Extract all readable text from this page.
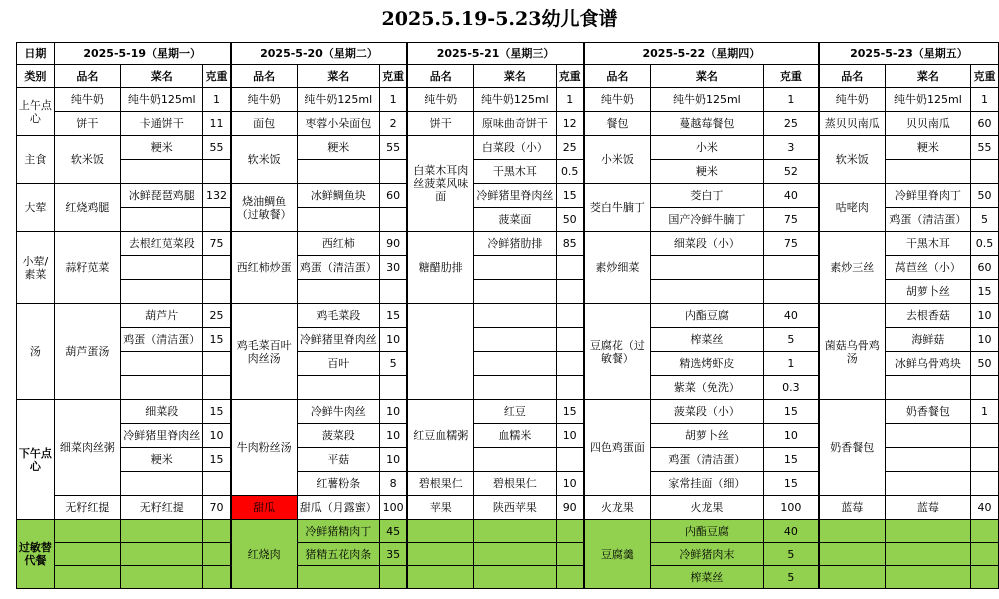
2025.5.19-5.23幼儿食谱
日期	2025-5-19（星期一）			2025-5-20（星期二）			2025-5-21（星期三）			2025-5-22（星期四）			2025-5-23（星期五）		
类别	品名	菜名	克重	品名	菜名	克重	品名	菜名	克重	品名	菜名	克重	品名	菜名	克重
上午点心	纯牛奶	纯牛奶125ml	1	纯牛奶	纯牛奶125ml	1	纯牛奶	纯牛奶125ml	1	纯牛奶	纯牛奶125ml	1	纯牛奶	纯牛奶125ml	1
	饼干	卡通饼干	11	面包	枣蓉小朵面包	2	饼干	原味曲奇饼干	12	餐包	蔓越莓餐包	25	蒸贝贝南瓜	贝贝南瓜	60
主食	软米饭	粳米	55	软米饭	粳米	55	白菜木耳肉丝菠菜风味面	白菜段（小）	25	小米饭	小米	3	软米饭	粳米	55
								干黑木耳	0.5		粳米	52			
大荤	红烧鸡腿	冰鲜琵琶鸡腿	132	烧油鲷鱼（过敏餐）	冰鲜鲷鱼块	60		冷鲜猪里脊肉丝	15	茭白牛腩丁	茭白丁	40	咕咾肉	冷鲜里脊肉丁	50
								菠菜面	50		国产冷鲜牛腩丁	75		鸡蛋（清洁蛋）	5
小荤/素菜	蒜籽苋菜	去根红苋菜段	75	西红柿炒蛋	西红柿	90	糖醋肋排	冷鲜猪肋排	85	素炒细菜	细菜段（小）	75	素炒三丝	干黑木耳	0.5
					鸡蛋（清洁蛋）	30								莴苣丝（小）	60
														胡萝卜丝	15
汤	葫芦蛋汤	葫芦片	25	鸡毛菜百叶肉丝汤	鸡毛菜段	15				豆腐花（过敏餐）	内酯豆腐	40	菌菇乌骨鸡汤	去根香菇	10
		鸡蛋（清洁蛋）	15		冷鲜猪里脊肉丝	10					榨菜丝	5		海鲜菇	10
					百叶	5					精选烤虾皮	1		冰鲜乌骨鸡块	50
											紫菜（免洗）	0.3			
下午点心	细菜肉丝粥	细菜段	15	牛肉粉丝汤	冷鲜牛肉丝	10	红豆血糯粥	红豆	15	四色鸡蛋面	菠菜段（小）	15	奶香餐包	奶香餐包	1
		冷鲜猪里脊肉丝	10		菠菜段	10		血糯米	10		胡萝卜丝	10			
		粳米	15		平菇	10					鸡蛋（清洁蛋）	15			
					红薯粉条	8	碧根果仁	碧根果仁	10		家常挂面（细）	15			
	无籽红提	无籽红提	70	甜瓜	甜瓜（月露蜜）	100	苹果	陕西苹果	90	火龙果	火龙果	100	蓝莓	蓝莓	40
过敏替代餐				红烧肉	冷鲜猪精肉丁	45				豆腐羹	内酯豆腐	40			
					猪精五花肉条	35					冷鲜猪肉末	5			
											榨菜丝	5			
